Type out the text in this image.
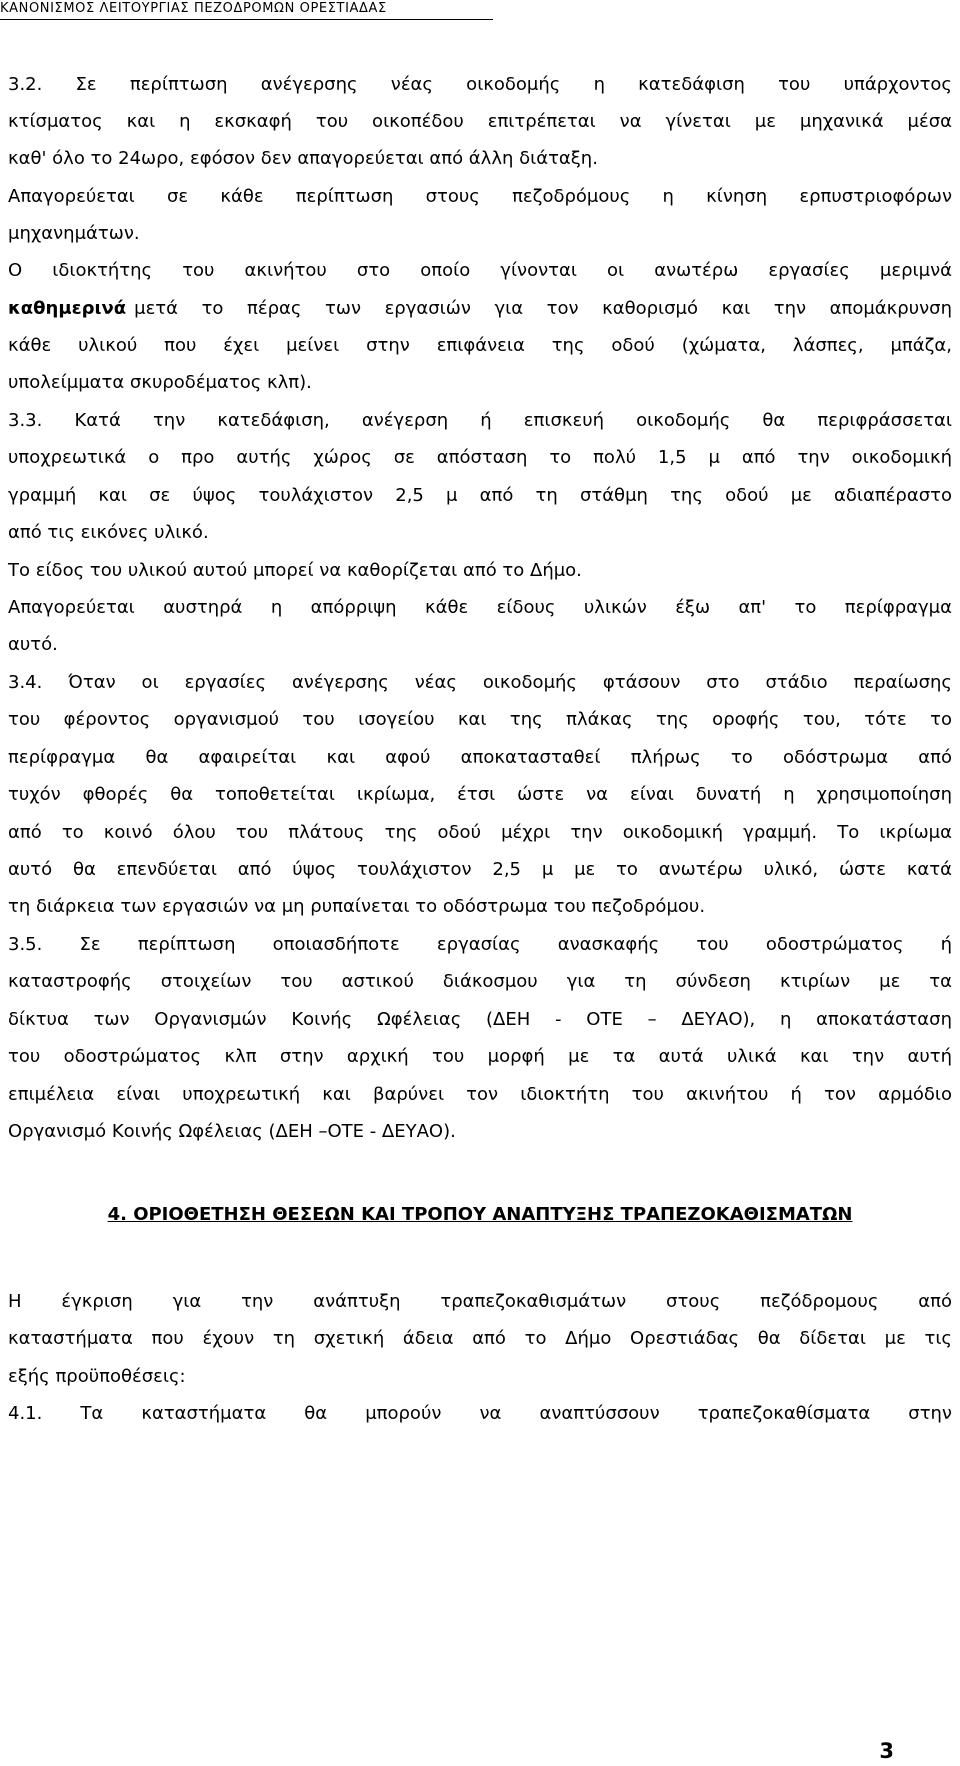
ΚΑΝΟΝΙΣΜΟΣ ΛΕΙΤΟΥΡΓΙΑΣ ΠΕΖΟΔΡΟΜΩΝ ΟΡΕΣΤΙΑΔΑΣ
3.2. Σε περίπτωση ανέγερσης νέας οικοδομής η κατεδάφιση του υπάρχοντος
κτίσματος και η εκσκαφή του οικοπέδου επιτρέπεται να γίνεται με μηχανικά μέσα
καθ' όλο το 24ωρο, εφόσον δεν απαγορεύεται από άλλη διάταξη.
Απαγορεύεται σε κάθε περίπτωση στους πεζοδρόμους η κίνηση ερπυστριοφόρων
μηχανημάτων.
Ο ιδιοκτήτης του ακινήτου στο οποίο γίνονται οι ανωτέρω εργασίες μεριμνά
καθημερινά μετά το πέρας των εργασιών για τον καθορισμό και την απομάκρυνση
κάθε υλικού που έχει μείνει στην επιφάνεια της οδού (χώματα, λάσπες, μπάζα,
υπολείμματα σκυροδέματος κλπ).
3.3. Κατά την κατεδάφιση, ανέγερση ή επισκευή οικοδομής θα περιφράσσεται
υποχρεωτικά ο προ αυτής χώρος σε απόσταση το πολύ 1,5 μ από την οικοδομική
γραμμή και σε ύψος τουλάχιστον 2,5 μ από τη στάθμη της οδού με αδιαπέραστο
από τις εικόνες υλικό.
Το είδος του υλικού αυτού μπορεί να καθορίζεται από το Δήμο.
Απαγορεύεται αυστηρά η απόρριψη κάθε είδους υλικών έξω απ' το περίφραγμα
αυτό.
3.4. Όταν οι εργασίες ανέγερσης νέας οικοδομής φτάσουν στο στάδιο περαίωσης
του φέροντος οργανισμού του ισογείου και της πλάκας της οροφής του, τότε το
περίφραγμα θα αφαιρείται και αφού αποκατασταθεί πλήρως το οδόστρωμα από
τυχόν φθορές θα τοποθετείται ικρίωμα, έτσι ώστε να είναι δυνατή η χρησιμοποίηση
από το κοινό όλου του πλάτους της οδού μέχρι την οικοδομική γραμμή. Το ικρίωμα
αυτό θα επενδύεται από ύψος τουλάχιστον 2,5 μ με το ανωτέρω υλικό, ώστε κατά
τη διάρκεια των εργασιών να μη ρυπαίνεται το οδόστρωμα του πεζοδρόμου.
3.5. Σε περίπτωση οποιασδήποτε εργασίας ανασκαφής του οδοστρώματος ή
καταστροφής στοιχείων του αστικού διάκοσμου για τη σύνδεση κτιρίων με τα
δίκτυα των Οργανισμών Κοινής Ωφέλειας (ΔΕΗ - ΟΤΕ – ΔΕΥΑΟ), η αποκατάσταση
του οδοστρώματος κλπ στην αρχική του μορφή με τα αυτά υλικά και την αυτή
επιμέλεια είναι υποχρεωτική και βαρύνει τον ιδιοκτήτη του ακινήτου ή τον αρμόδιο
Οργανισμό Κοινής Ωφέλειας (ΔΕΗ –ΟΤΕ - ΔΕΥΑΟ).
4. ΟΡΙΟΘΕΤΗΣΗ ΘΕΣΕΩΝ ΚΑΙ ΤΡΟΠΟΥ ΑΝΑΠΤΥΞΗΣ ΤΡΑΠΕΖΟΚΑΘΙΣΜΑΤΩΝ
Η έγκριση για την ανάπτυξη τραπεζοκαθισμάτων στους πεζόδρομους από
καταστήματα που έχουν τη σχετική άδεια από το Δήμο Ορεστιάδας θα δίδεται με τις
εξής προϋποθέσεις:
4.1. Τα καταστήματα θα μπορούν να αναπτύσσουν τραπεζοκαθίσματα στην
3
